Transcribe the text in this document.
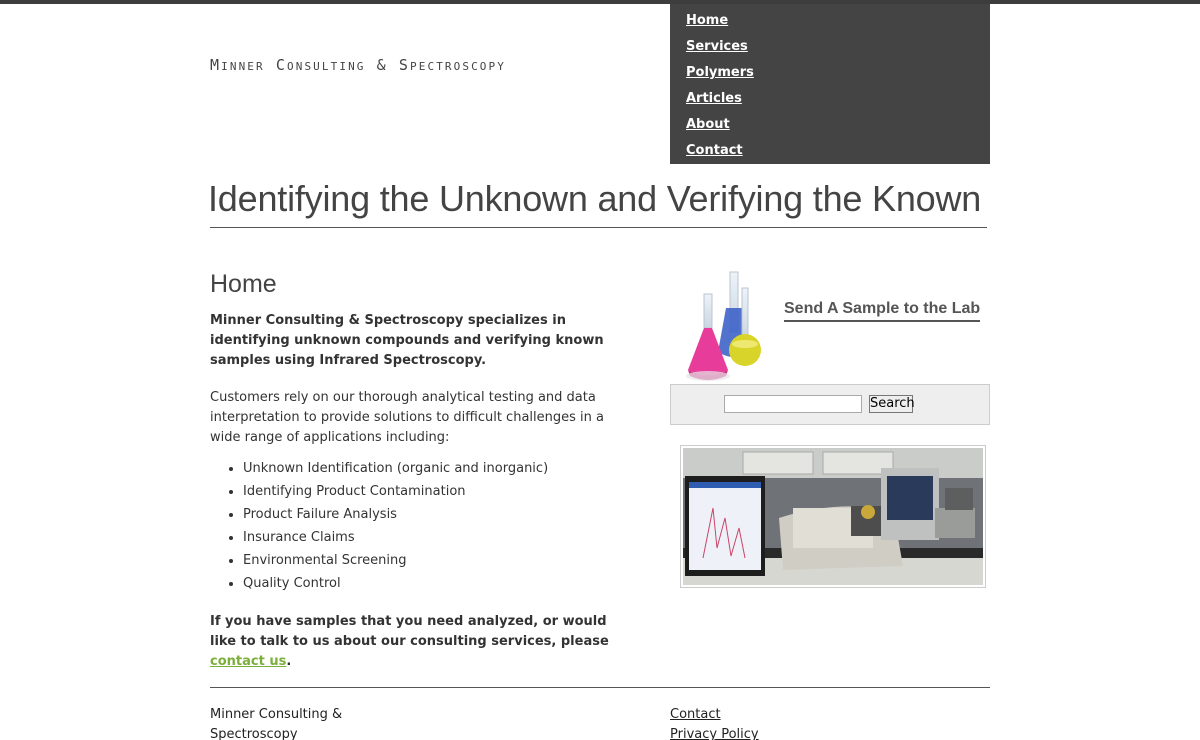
Minner Consulting & Spectroscopy
Home
Services
Polymers
Articles
About
Contact
Identifying the Unknown and Verifying the Known
Home

Minner Consulting & Spectroscopy specializes in identifying unknown compounds and verifying known samples using Infrared Spectroscopy.

Customers rely on our thorough analytical testing and data interpretation to provide solutions to difficult challenges in a wide range of applications including:

Unknown Identification (organic and inorganic)
Identifying Product Contamination
Product Failure Analysis
Insurance Claims
Environmental Screening
Quality Control

If you have samples that you need analyzed, or would like to talk to us about our consulting services, please contact us.

Send A Sample to the Lab
Search
Minner Consulting & Spectroscopy
Contact
Privacy Policy
